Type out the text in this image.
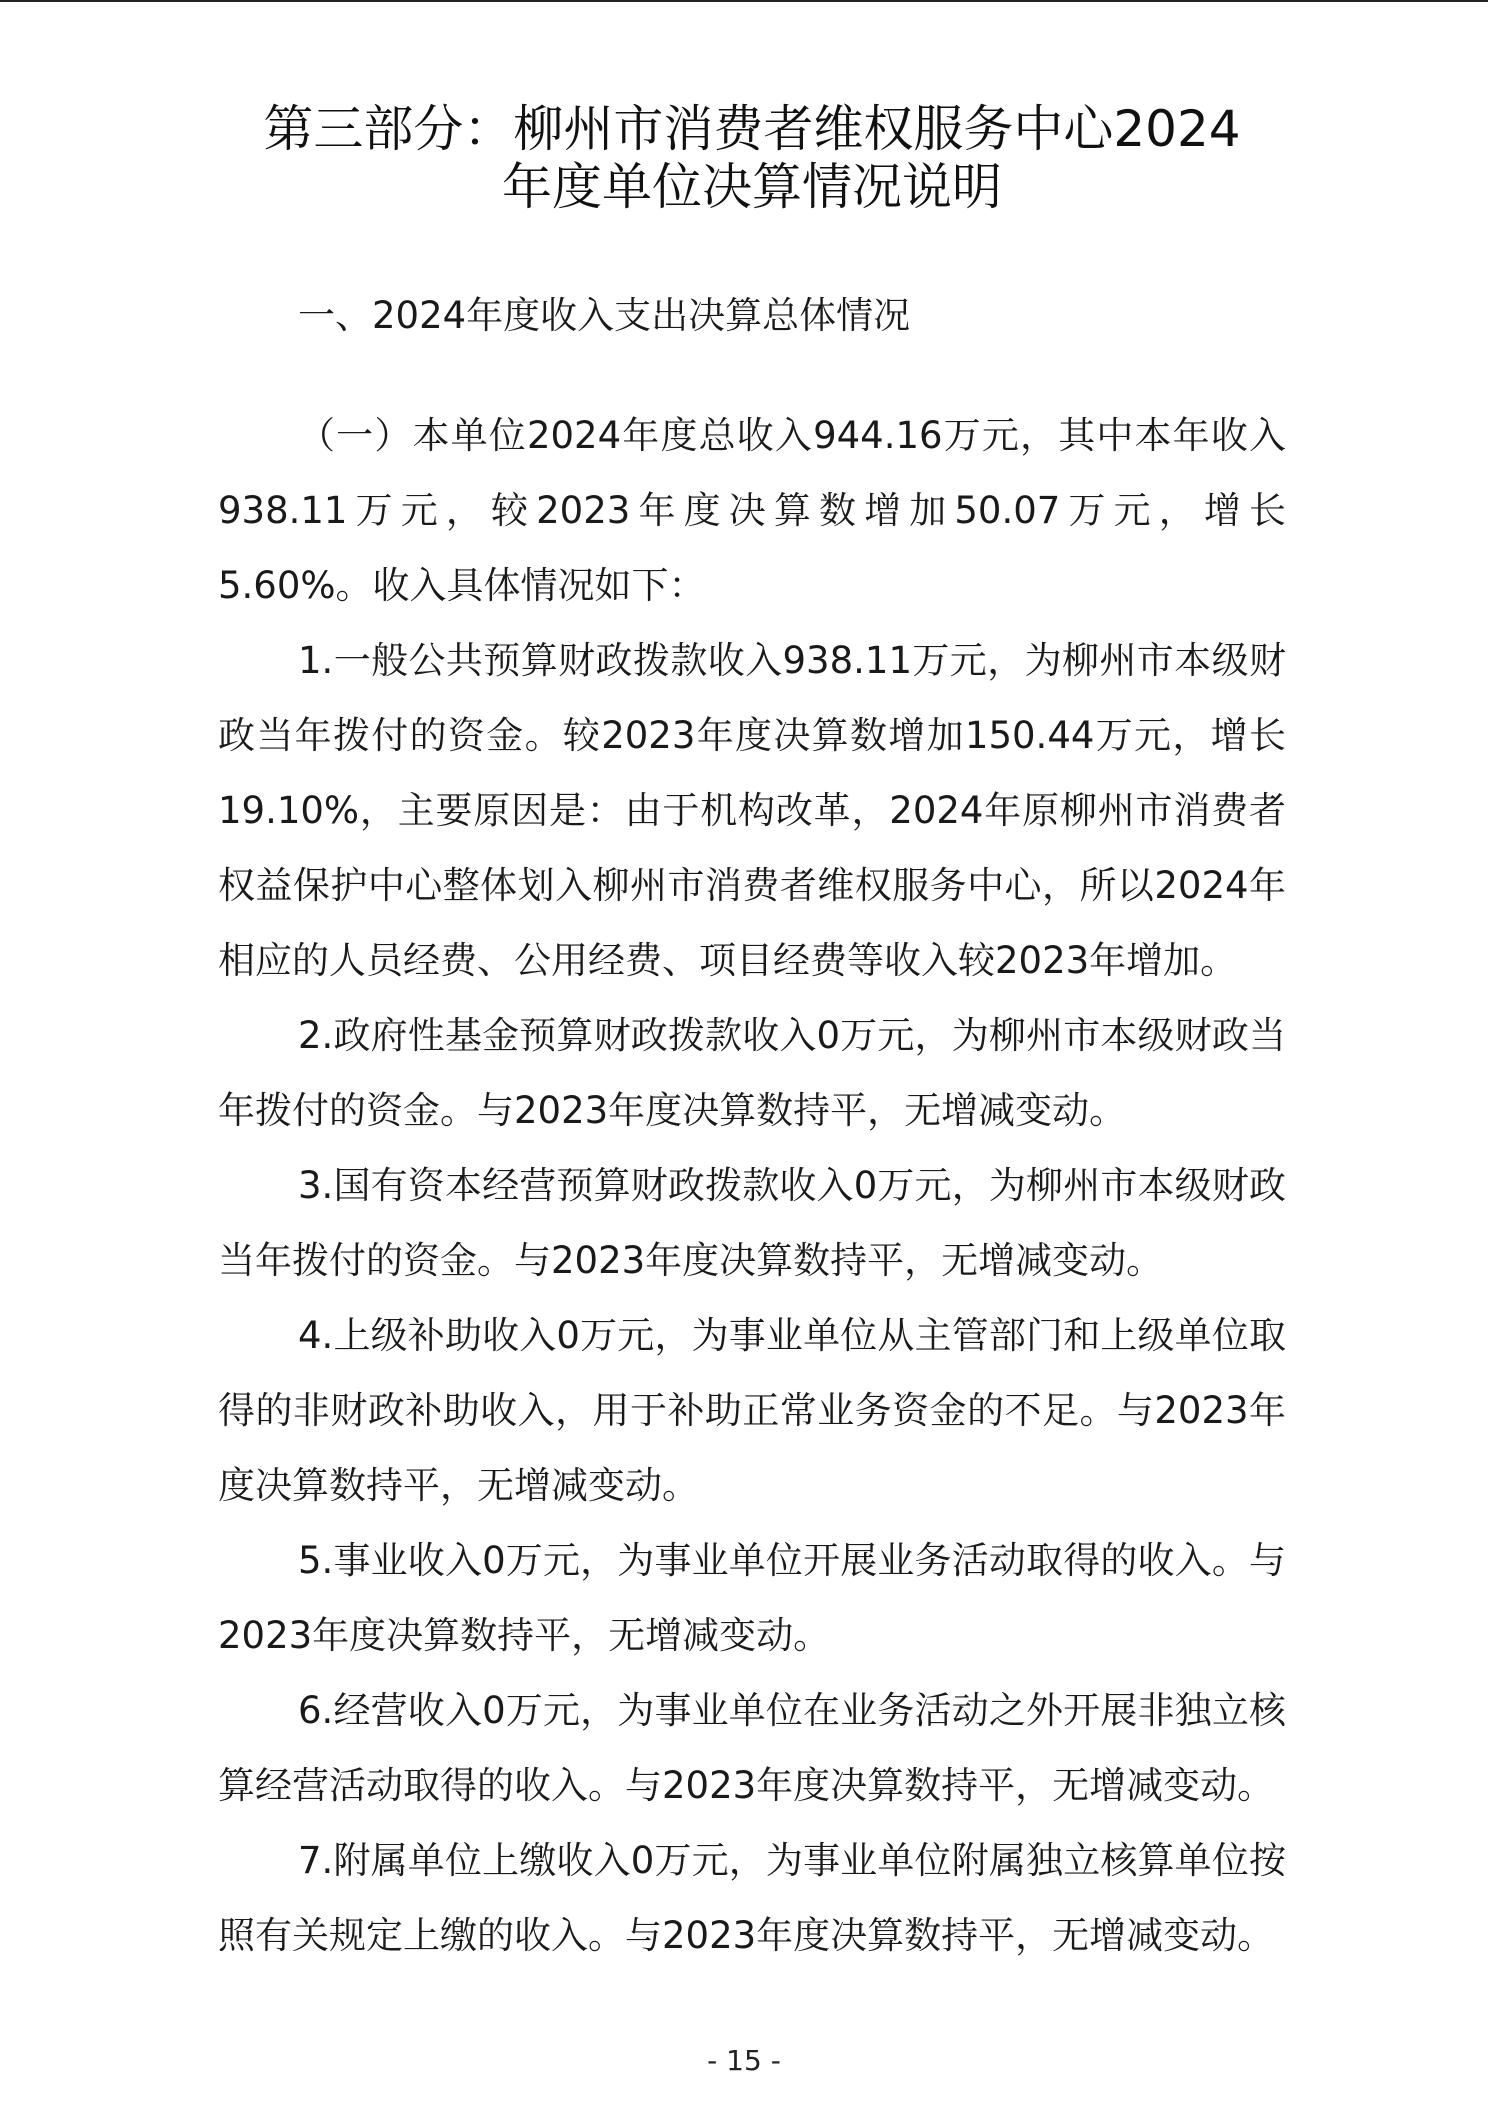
第三部分：柳州市消费者维权服务中心2024
年度单位决算情况说明

一、2024年度收入支出决算总体情况

（一）本单位2024年度总收入944.16万元，其中本年收入938.11万元，较2023年度决算数增加50.07万元，增长5.60%。收入具体情况如下：

1.一般公共预算财政拨款收入938.11万元，为柳州市本级财政当年拨付的资金。较2023年度决算数增加150.44万元，增长19.10%，主要原因是：由于机构改革，2024年原柳州市消费者权益保护中心整体划入柳州市消费者维权服务中心，所以2024年相应的人员经费、公用经费、项目经费等收入较2023年增加。

2.政府性基金预算财政拨款收入0万元，为柳州市本级财政当年拨付的资金。与2023年度决算数持平，无增减变动。

3.国有资本经营预算财政拨款收入0万元，为柳州市本级财政当年拨付的资金。与2023年度决算数持平，无增减变动。

4.上级补助收入0万元，为事业单位从主管部门和上级单位取得的非财政补助收入，用于补助正常业务资金的不足。与2023年度决算数持平，无增减变动。

5.事业收入0万元，为事业单位开展业务活动取得的收入。与2023年度决算数持平，无增减变动。

6.经营收入0万元，为事业单位在业务活动之外开展非独立核算经营活动取得的收入。与2023年度决算数持平，无增减变动。

7.附属单位上缴收入0万元，为事业单位附属独立核算单位按照有关规定上缴的收入。与2023年度决算数持平，无增减变动。

- 15 -
